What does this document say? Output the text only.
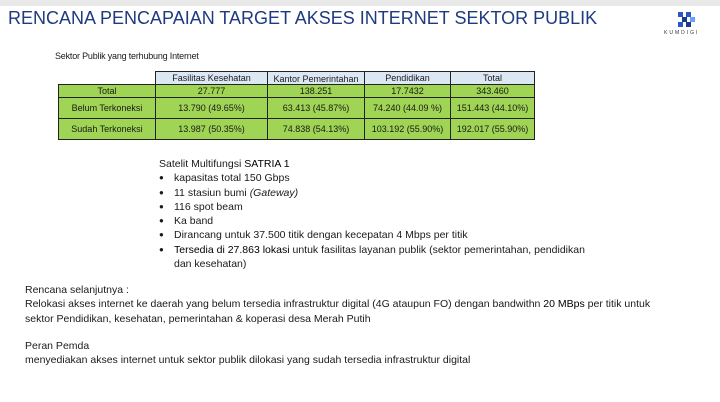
RENCANA PENCAPAIAN TARGET AKSES INTERNET SEKTOR PUBLIK
KUMDIGI
Sektor Publik yang terhubung Internet
	Fasilitas Kesehatan	Kantor Pemerintahan	Pendidikan	Total
Total	27.777	138.251	17.7432	343.460
Belum Terkoneksi	13.790 (49.65%)	63.413 (45.87%)	74.240 (44.09 %)	151.443 (44.10%)
Sudah Terkoneksi	13.987 (50.35%)	74.838 (54.13%)	103.192 (55.90%)	192.017 (55.90%)
Satelit Multifungsi SATRIA 1
● kapasitas total 150 Gbps
● 11 stasiun bumi (Gateway)
● 116 spot beam
● Ka band
● Dirancang untuk 37.500 titik dengan kecepatan 4 Mbps per titik
● Tersedia di 27.863 lokasi untuk fasilitas layanan publik (sektor pemerintahan, pendidikan dan kesehatan)
Rencana selanjutnya :
Relokasi akses internet ke daerah yang belum tersedia infrastruktur digital (4G ataupun FO) dengan bandwithn 20 MBps per titik untuk sektor Pendidikan, kesehatan, pemerintahan & koperasi desa Merah Putih
Peran Pemda
menyediakan akses internet untuk sektor publik dilokasi yang sudah tersedia infrastruktur digital
